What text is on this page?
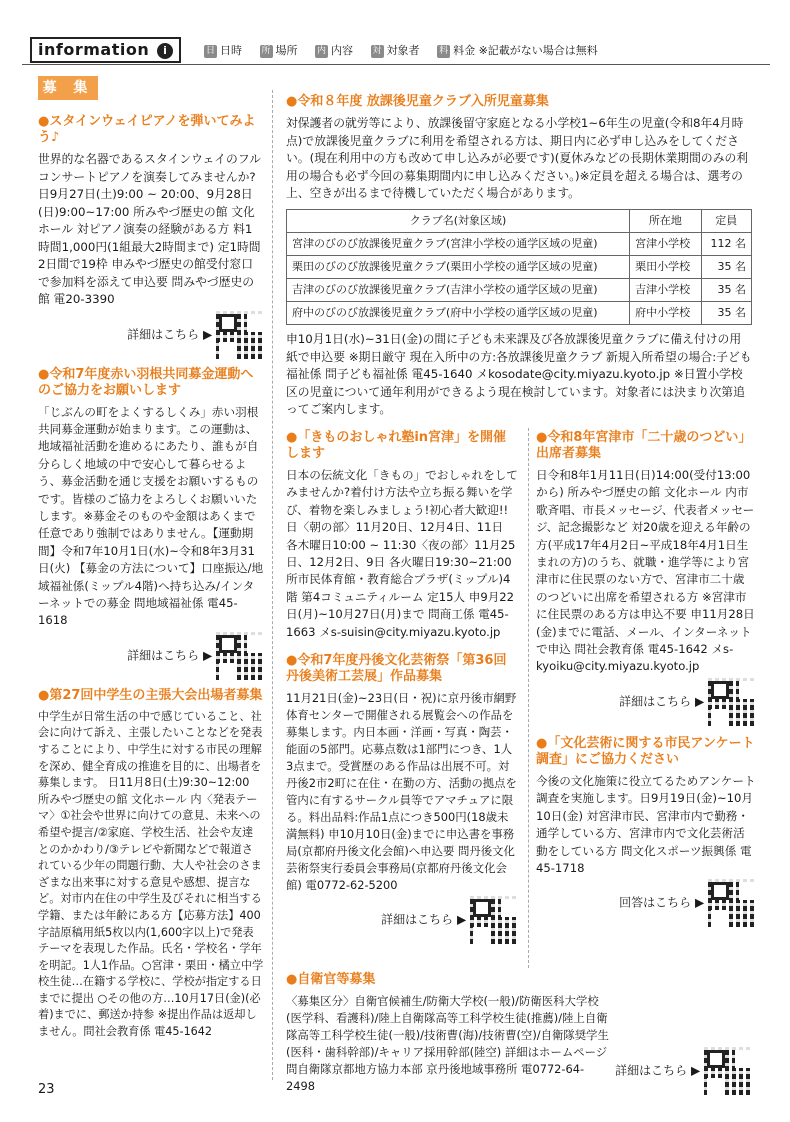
information i	日 日時 所 場所 内 内容 対 対象者 料 料金 ※記載がない場合は無料
募 集
●スタインウェイピアノを弾いてみよう♪

世界的な名器であるスタインウェイのフルコンサートピアノを演奏してみませんか? 日9月27日(土)9:00 ~ 20:00、9月28日(日)9:00~17:00 所みやづ歴史の館 文化ホール 対ピアノ演奏の経験がある方 料1時間1,000円(1組最大2時間まで) 定1時間 2日間で19枠 申みやづ歴史の館受付窓口で参加料を添えて申込要 問みやづ歴史の館 電20-3390

詳細はこちら ▶
●令和7年度赤い羽根共同募金運動へのご協力をお願いします

「じぶんの町をよくするしくみ」赤い羽根共同募金運動が始まります。この運動は、地域福祉活動を進めるにあたり、誰もが自分らしく地域の中で安心して暮らせるよう、募金活動を通じ支援をお願いするものです。皆様のご協力をよろしくお願いいたします。※募金そのものや金額はあくまで任意であり強制ではありません。【運動期間】令和7年10月1日(水)~令和8年3月31日(火) 【募金の方法について】口座振込/地域福祉係(ミップル4階)へ持ち込み/インターネットでの募金 問地域福祉係 電45-1618

詳細はこちら ▶
●第27回中学生の主張大会出場者募集

中学生が日常生活の中で感じていること、社会に向けて訴え、主張したいことなどを発表することにより、中学生に対する市民の理解を深め、健全育成の推進を目的に、出場者を募集します。 日11月8日(土)9:30~12:00 所みやづ歴史の館 文化ホール 内〈発表テーマ〉①社会や世界に向けての意見、未来への希望や提言/②家庭、学校生活、社会や友達とのかかわり/③テレビや新聞などで報道されている少年の問題行動、大人や社会のさまざまな出来事に対する意見や感想、提言など。対市内在住の中学生及びそれに相当する学籍、または年齢にある方【応募方法】400字詰原稿用紙5枚以内(1,600字以上)で発表テーマを表現した作品。氏名・学校名・学年を明記。1人1作品。○宮津・栗田・橘立中学校生徒…在籍する学校に、学校が指定する日までに提出 ○その他の方…10月17日(金)(必着)までに、郵送か持参 ※提出作品は返却しません。問社会教育係 電45-1642

●令和８年度 放課後児童クラブ入所児童募集

対保護者の就労等により、放課後留守家庭となる小学校1~6年生の児童(令和8年4月時点)で放課後児童クラブに利用を希望される方は、期日内に必ず申し込みをしてください。(現在利用中の方も改めて申し込みが必要です)(夏休みなどの長期休業期間のみの利用の場合も必ず今回の募集期間内に申し込みください。)※定員を超える場合は、選考の上、空きが出るまで待機していただく場合があります。

クラブ名(対象区域)	所在地	定員
宮津のびのび放課後児童クラブ(宮津小学校の通学区域の児童)	宮津小学校	112 名
栗田のびのび放課後児童クラブ(栗田小学校の通学区域の児童)	栗田小学校	35 名
吉津のびのび放課後児童クラブ(吉津小学校の通学区域の児童)	吉津小学校	35 名
府中のびのび放課後児童クラブ(府中小学校の通学区域の児童)	府中小学校	35 名

申10月1日(水)~31日(金)の間に子ども未来課及び各放課後児童クラブに備え付けの用紙で申込要 ※期日厳守 現在入所中の方:各放課後児童クラブ 新規入所希望の場合:子ども福祉係 問子ども福祉係 電45-1640 メkosodate@city.miyazu.kyoto.jp ※日置小学校区の児童について通年利用ができるよう現在検討しています。対象者には決まり次第追ってご案内します。

●「きものおしゃれ塾in宮津」を開催します

日本の伝統文化「きもの」でおしゃれをしてみませんか?着付け方法や立ち振る舞いを学び、着物を楽しみましょう!初心者大歓迎!! 日〈朝の部〉11月20日、12月4日、11日 各木曜日10:00 ~ 11:30〈夜の部〉11月25日、12月2日、9日 各火曜日19:30~21:00 所市民体育館・教育総合プラザ(ミップル)4階 第4コミュニティルーム 定15人 申9月22日(月)~10月27日(月)まで 問商工係 電45-1663 メs-suisin@city.miyazu.kyoto.jp

●令和7年度丹後文化芸術祭「第36回丹後美術工芸展」作品募集

11月21日(金)~23日(日・祝)に京丹後市網野体育センターで開催される展覧会への作品を募集します。内日本画・洋画・写真・陶芸・能面の5部門。応募点数は1部門につき、1人3点まで。受賞歴のある作品は出展不可。対丹後2市2町に在住・在勤の方、活動の拠点を管内に有するサークル員等でアマチュアに限る。料出品料:作品1点につき500円(18歳未満無料) 申10月10日(金)までに申込書を事務局(京都府丹後文化会館)へ申込要 問丹後文化芸術祭実行委員会事務局(京都府丹後文化会館) 電0772-62-5200

詳細はこちら ▶
●令和8年宮津市「二十歳のつどい」出席者募集

日令和8年1月11日(日)14:00(受付13:00から) 所みやづ歴史の館 文化ホール 内市歌斉唱、市長メッセージ、代表者メッセージ、記念撮影など 対20歳を迎える年齢の方(平成17年4月2日~平成18年4月1日生まれの方)のうち、就職・進学等により宮津市に住民票のない方で、宮津市二十歳のつどいに出席を希望される方 ※宮津市に住民票のある方は申込不要 申11月28日(金)までに電話、メール、インターネットで申込 問社会教育係 電45-1642 メs-kyoiku@city.miyazu.kyoto.jp

詳細はこちら ▶
●「文化芸術に関する市民アンケート調査」にご協力ください

今後の文化施策に役立てるためアンケート調査を実施します。日9月19日(金)~10月10日(金) 対宮津市民、宮津市内で勤務・通学している方、宮津市内で文化芸術活動をしている方 問文化スポーツ振興係 電45-1718

回答はこちら ▶
●自衛官等募集

〈募集区分〉自衛官候補生/防衛大学校(一般)/防衛医科大学校(医学科、看護科)/陸上自衛隊高等工科学校生徒(推薦)/陸上自衛隊高等工科学校生徒(一般)/技術曹(海)/技術曹(空)/自衛隊奨学生(医科・歯科幹部)/キャリア採用幹部(陸空) 詳細はホームページ 問自衛隊京都地方協力本部 京丹後地域事務所 電0772-64-2498

詳細はこちら ▶
23
